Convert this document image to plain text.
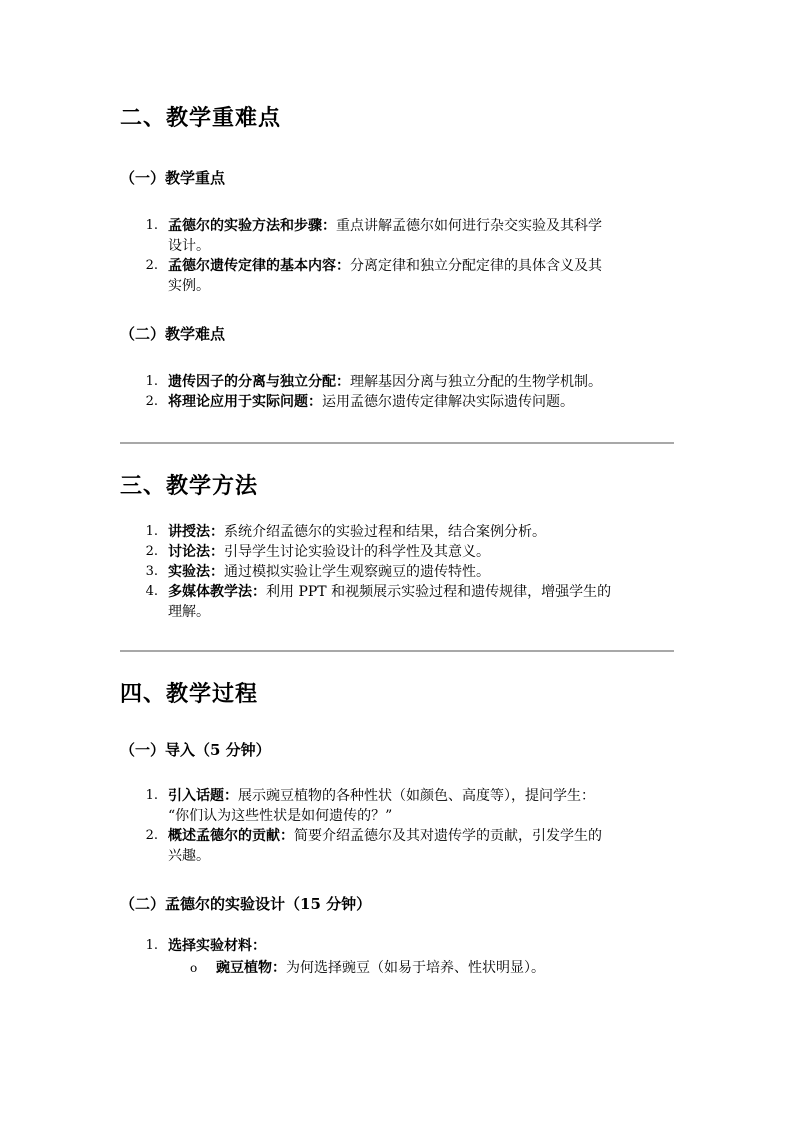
二、教学重难点
（一）教学重点
1. 孟德尔的实验方法和步骤：重点讲解孟德尔如何进行杂交实验及其科学
设计。
2. 孟德尔遗传定律的基本内容：分离定律和独立分配定律的具体含义及其
实例。
（二）教学难点
1. 遗传因子的分离与独立分配：理解基因分离与独立分配的生物学机制。
2. 将理论应用于实际问题：运用孟德尔遗传定律解决实际遗传问题。
三、教学方法
1. 讲授法：系统介绍孟德尔的实验过程和结果，结合案例分析。
2. 讨论法：引导学生讨论实验设计的科学性及其意义。
3. 实验法：通过模拟实验让学生观察豌豆的遗传特性。
4. 多媒体教学法：利用 PPT 和视频展示实验过程和遗传规律，增强学生的
理解。
四、教学过程
（一）导入（5 分钟）
1. 引入话题：展示豌豆植物的各种性状（如颜色、高度等），提问学生：
“你们认为这些性状是如何遗传的？”
2. 概述孟德尔的贡献：简要介绍孟德尔及其对遗传学的贡献，引发学生的
兴趣。
（二）孟德尔的实验设计（15 分钟）
1. 选择实验材料：
o 豌豆植物：为何选择豌豆（如易于培养、性状明显）。
